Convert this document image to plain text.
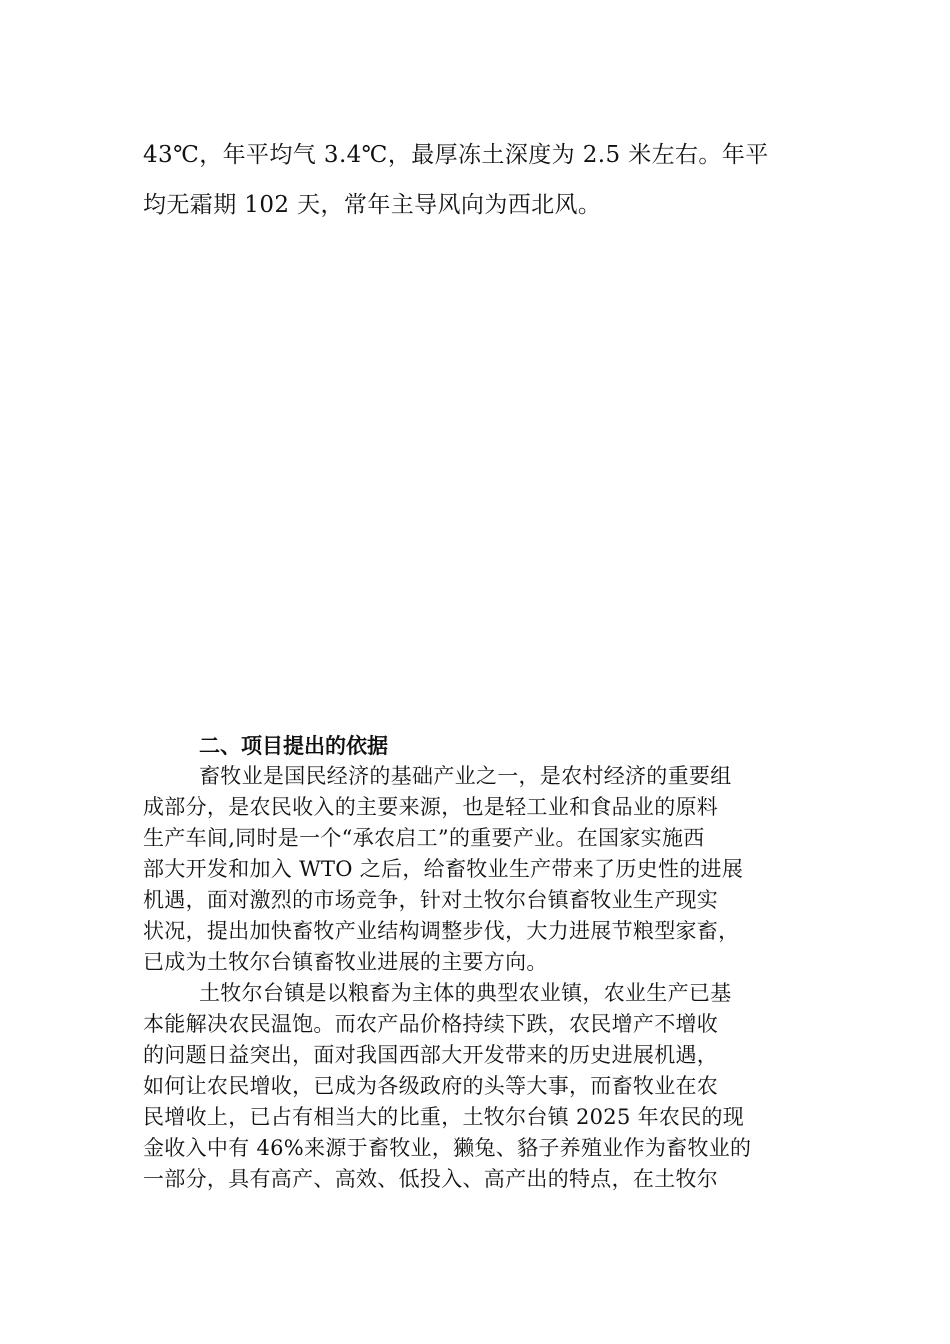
43℃，年平均气 3.4℃，最厚冻土深度为 2.5 米左右。年平

均无霜期 102 天，常年主导风向为西北风。

二、项目提出的依据

畜牧业是国民经济的基础产业之一，是农村经济的重要组

成部分，是农民收入的主要来源，也是轻工业和食品业的原料

生产车间,同时是一个“承农启工”的重要产业。在国家实施西

部大开发和加入 WTO 之后，给畜牧业生产带来了历史性的进展

机遇，面对激烈的市场竞争，针对土牧尔台镇畜牧业生产现实

状况，提出加快畜牧产业结构调整步伐，大力进展节粮型家畜，

已成为土牧尔台镇畜牧业进展的主要方向。

土牧尔台镇是以粮畜为主体的典型农业镇，农业生产已基

本能解决农民温饱。而农产品价格持续下跌，农民增产不增收

的问题日益突出，面对我国西部大开发带来的历史进展机遇，

如何让农民增收，已成为各级政府的头等大事，而畜牧业在农

民增收上，已占有相当大的比重，土牧尔台镇 2025 年农民的现

金收入中有 46%来源于畜牧业，獭兔、貉子养殖业作为畜牧业的

一部分，具有高产、高效、低投入、高产出的特点，在土牧尔
